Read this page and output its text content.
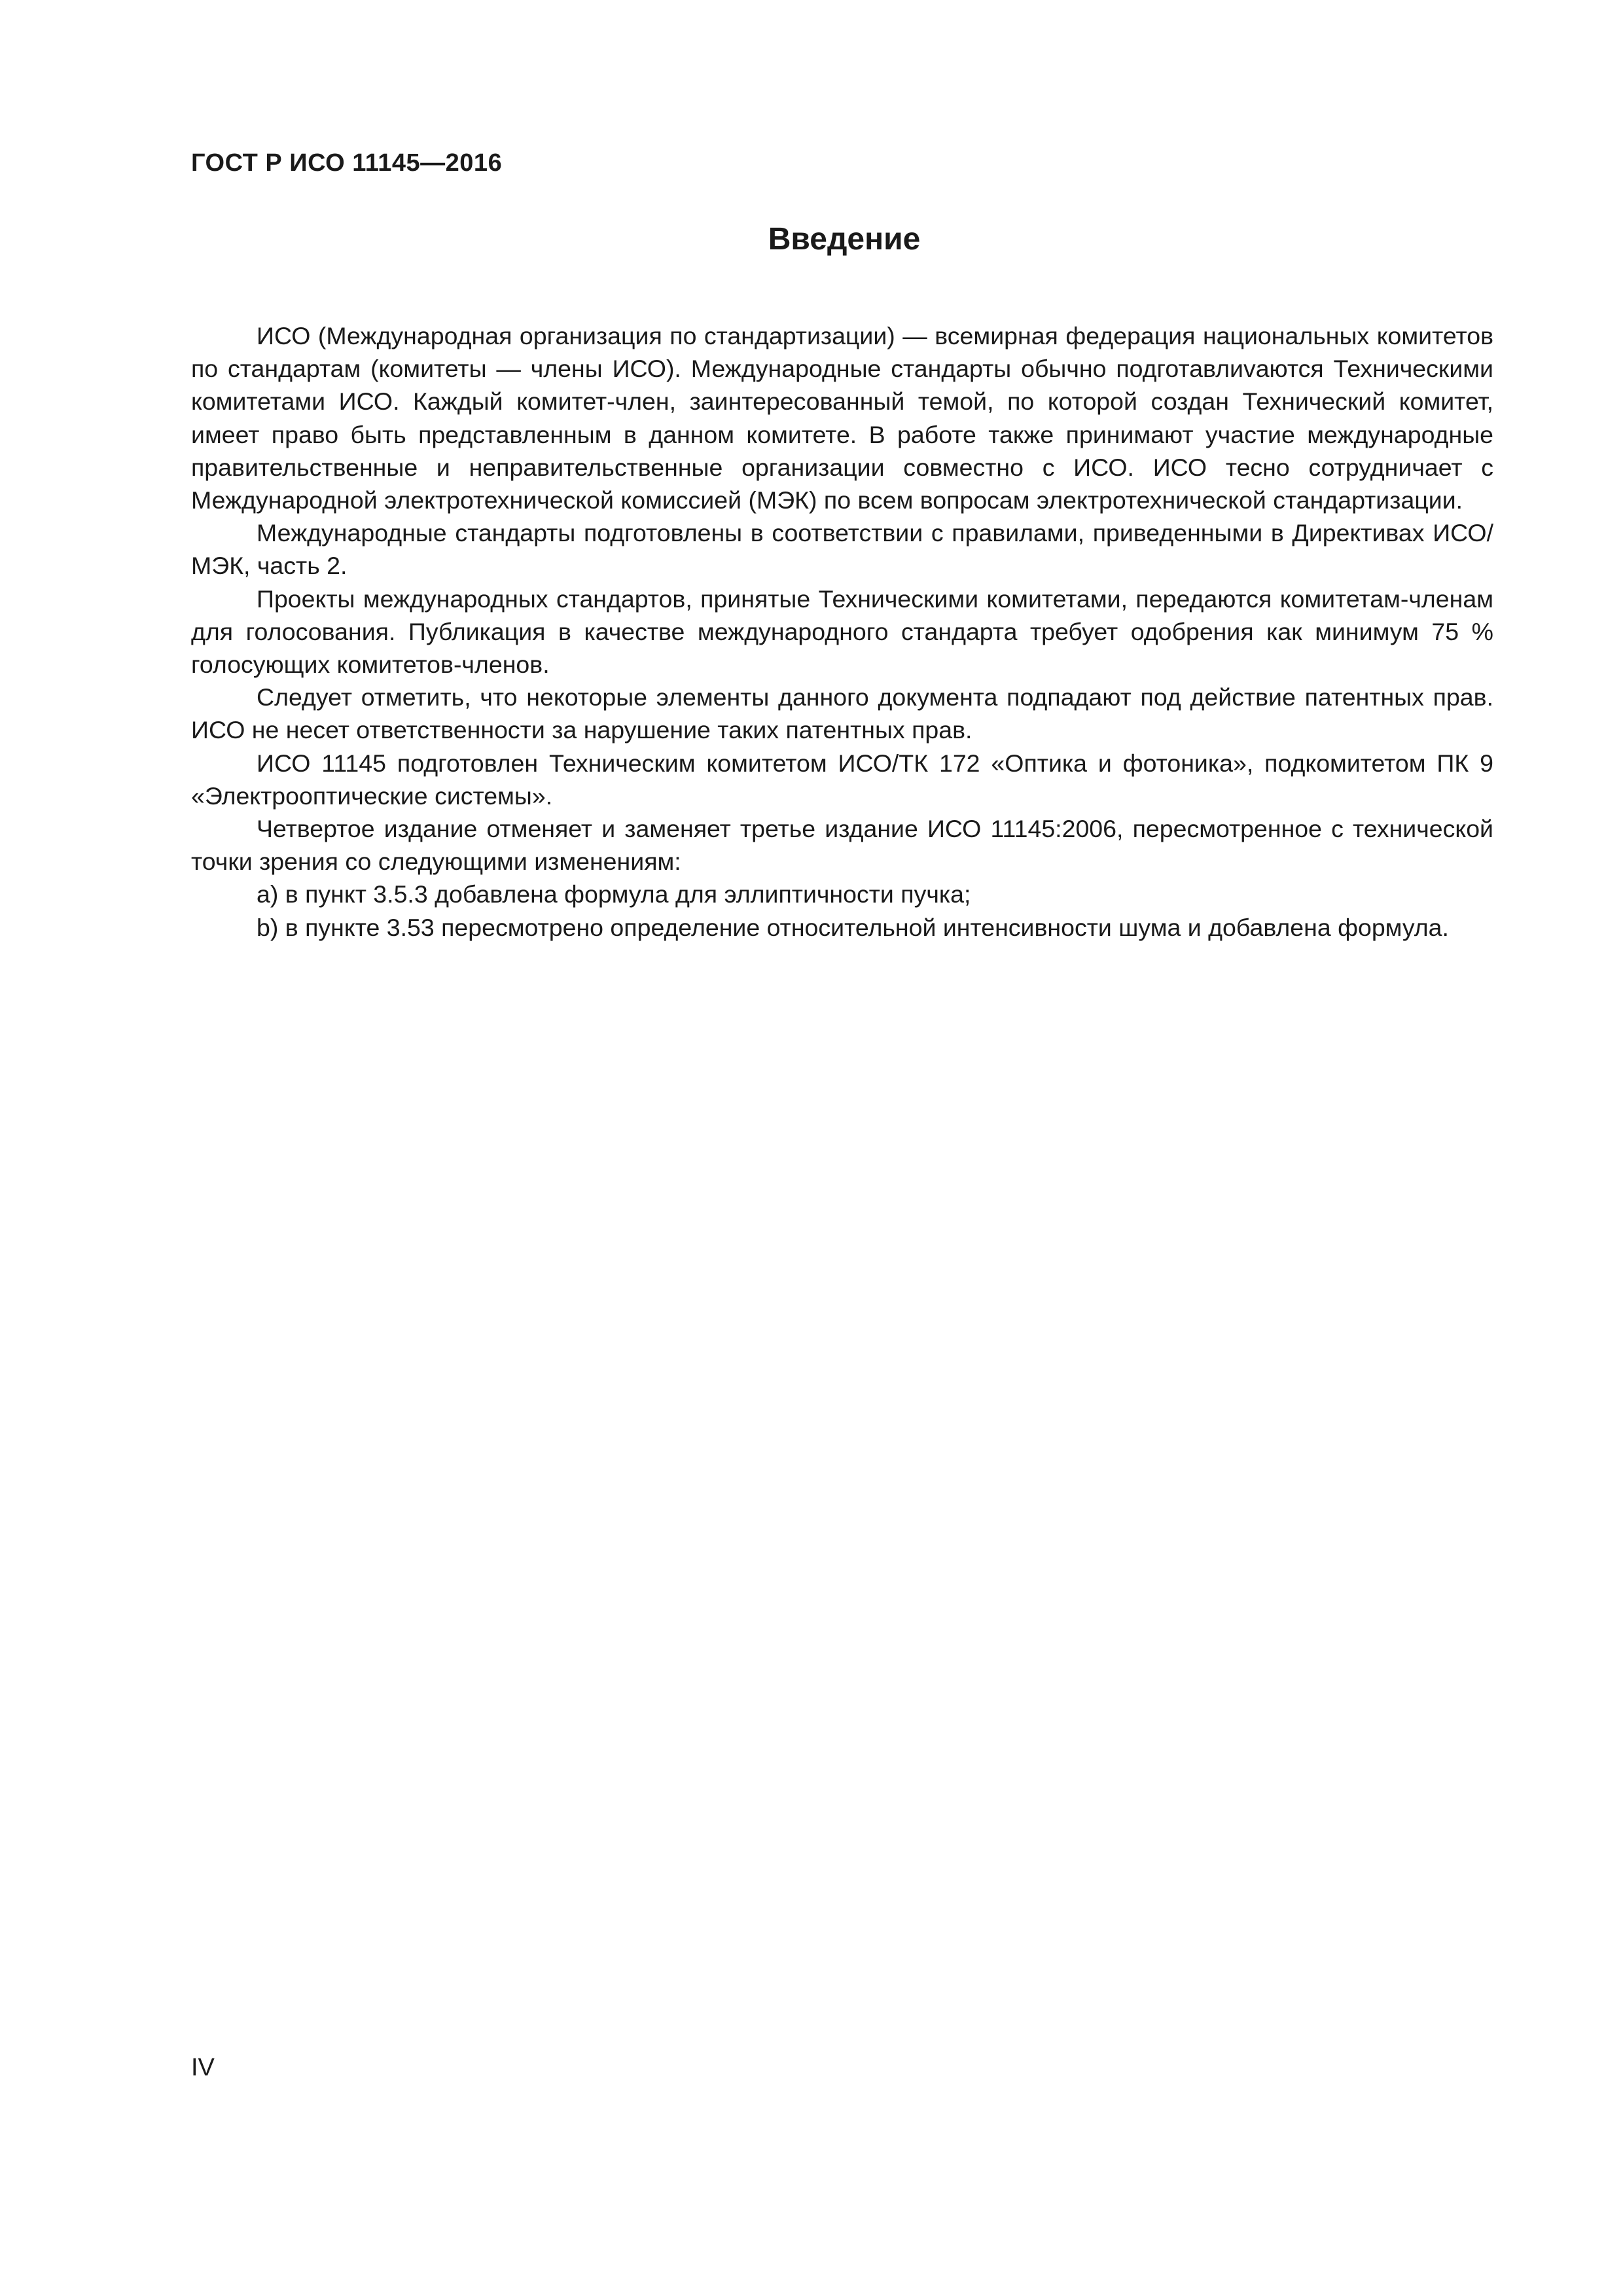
ГОСТ Р ИСО 11145—2016
Введение

ИСО (Международная организация по стандартизации) — всемирная федерация национальных комитетов по стандартам (комитеты — члены ИСО). Международные стандарты обычно подготавлиvаются Техническими комитетами ИСО. Каждый комитет-член, заинтересованный темой, по которой создан Технический комитет, имеет право быть представленным в данном комитете. В работе также принимают участие международные правительственные и неправительственные организации совместно с ИСО. ИСО тесно сотрудничает с Международной электротехнической комиссией (МЭК) по всем вопросам электротехнической стандартизации.

Международные стандарты подготовлены в соответствии с правилами, приведенными в Директивах ИСО/МЭК, часть 2.

Проекты международных стандартов, принятые Техническими комитетами, передаются комитетам-членам для голосования. Публикация в качестве международного стандарта требует одобрения как минимум 75 % голосующих комитетов-членов.

Следует отметить, что некоторые элементы данного документа подпадают под действие патентных прав. ИСО не несет ответственности за нарушение таких патентных прав.

ИСО 11145 подготовлен Техническим комитетом ИСО/ТК 172 «Оптика и фотоника», подкомитетом ПК 9 «Электрооптические системы».

Четвертое издание отменяет и заменяет третье издание ИСО 11145:2006, пересмотренное с технической точки зрения со следующими изменениям:

a) в пункт 3.5.3 добавлена формула для эллиптичности пучка;

b) в пункте 3.53 пересмотрено определение относительной интенсивности шума и добавлена формула.

IV
